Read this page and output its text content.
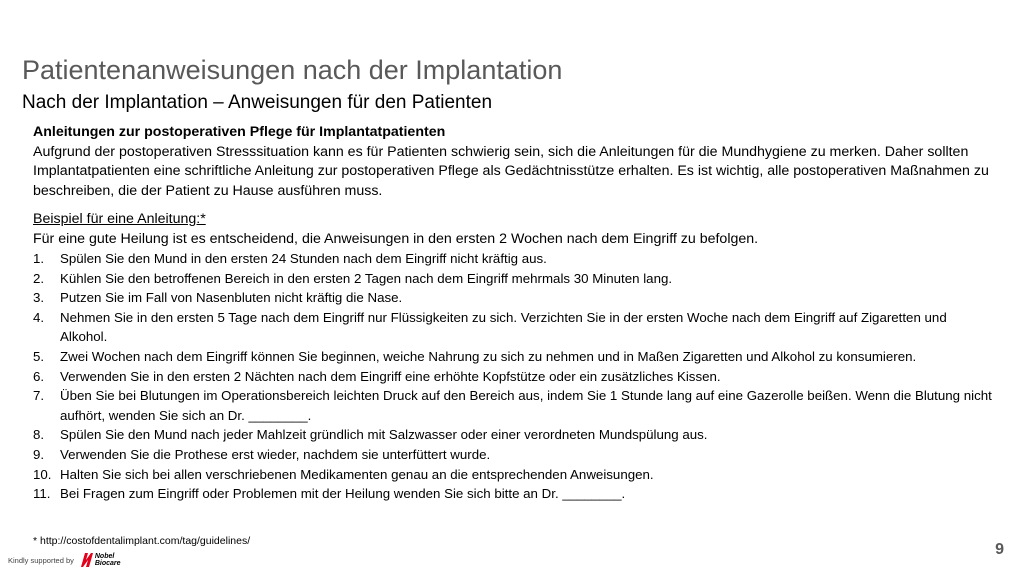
Patientenanweisungen nach der Implantation
Nach der Implantation – Anweisungen für den Patienten

Anleitungen zur postoperativen Pflege für Implantatpatienten

Aufgrund der postoperativen Stresssituation kann es für Patienten schwierig sein, sich die Anleitungen für die Mundhygiene zu merken. Daher sollten Implantatpatienten eine schriftliche Anleitung zur postoperativen Pflege als Gedächtnisstütze erhalten. Es ist wichtig, alle postoperativen Maßnahmen zu beschreiben, die der Patient zu Hause ausführen muss.

Beispiel für eine Anleitung:*

Für eine gute Heilung ist es entscheidend, die Anweisungen in den ersten 2 Wochen nach dem Eingriff zu befolgen.

1. Spülen Sie den Mund in den ersten 24 Stunden nach dem Eingriff nicht kräftig aus.
2. Kühlen Sie den betroffenen Bereich in den ersten 2 Tagen nach dem Eingriff mehrmals 30 Minuten lang.
3. Putzen Sie im Fall von Nasenbluten nicht kräftig die Nase.
4. Nehmen Sie in den ersten 5 Tage nach dem Eingriff nur Flüssigkeiten zu sich. Verzichten Sie in der ersten Woche nach dem Eingriff auf Zigaretten und Alkohol.
5. Zwei Wochen nach dem Eingriff können Sie beginnen, weiche Nahrung zu sich zu nehmen und in Maßen Zigaretten und Alkohol zu konsumieren.
6. Verwenden Sie in den ersten 2 Nächten nach dem Eingriff eine erhöhte Kopfstütze oder ein zusätzliches Kissen.
7. Üben Sie bei Blutungen im Operationsbereich leichten Druck auf den Bereich aus, indem Sie 1 Stunde lang auf eine Gazerolle beißen. Wenn die Blutung nicht aufhört, wenden Sie sich an Dr. ________.
8. Spülen Sie den Mund nach jeder Mahlzeit gründlich mit Salzwasser oder einer verordneten Mundspülung aus.
9. Verwenden Sie die Prothese erst wieder, nachdem sie unterfüttert wurde.
10. Halten Sie sich bei allen verschriebenen Medikamenten genau an die entsprechenden Anweisungen.
11. Bei Fragen zum Eingriff oder Problemen mit der Heilung wenden Sie sich bitte an Dr. ________.
* http://costofdentalimplant.com/tag/guidelines/
Kindly supported by	Nobel
Biocare
9
